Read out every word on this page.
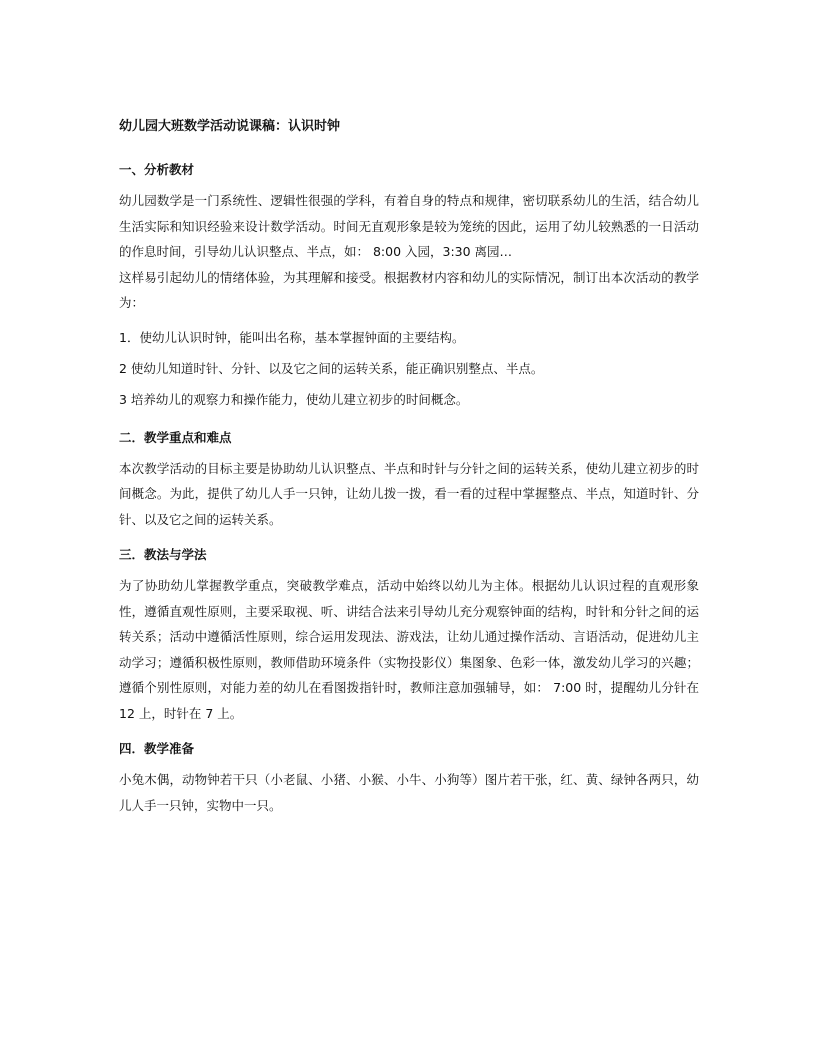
幼儿园大班数学活动说课稿：认识时钟
一、分析教材

幼儿园数学是一门系统性、逻辑性很强的学科，有着自身的特点和规律，密切联系幼儿的生活，结合幼儿生活实际和知识经验来设计数学活动。时间无直观形象是较为笼统的因此，运用了幼儿较熟悉的一日活动的作息时间，引导幼儿认识整点、半点，如： 8:00 入园，3:30 离园…

这样易引起幼儿的情绪体验，为其理解和接受。根据教材内容和幼儿的实际情况，制订出本次活动的教学为：

1．使幼儿认识时钟，能叫出名称，基本掌握钟面的主要结构。

2 使幼儿知道时针、分针、以及它之间的运转关系，能正确识别整点、半点。

3 培养幼儿的观察力和操作能力，使幼儿建立初步的时间概念。

二．教学重点和难点

本次教学活动的目标主要是协助幼儿认识整点、半点和时针与分针之间的运转关系，使幼儿建立初步的时间概念。为此，提供了幼儿人手一只钟，让幼儿拨一拨，看一看的过程中掌握整点、半点，知道时针、分针、以及它之间的运转关系。

三．教法与学法

为了协助幼儿掌握教学重点，突破教学难点，活动中始终以幼儿为主体。根据幼儿认识过程的直观形象性，遵循直观性原则，主要采取视、听、讲结合法来引导幼儿充分观察钟面的结构，时针和分针之间的运转关系；活动中遵循活性原则，综合运用发现法、游戏法，让幼儿通过操作活动、言语活动，促进幼儿主动学习；遵循积极性原则，教师借助环境条件（实物投影仪）集图象、色彩一体，激发幼儿学习的兴趣；遵循个别性原则，对能力差的幼儿在看图拨指针时，教师注意加强辅导，如： 7:00 时，提醒幼儿分针在 12 上，时针在 7 上。

四．教学准备

小兔木偶，动物钟若干只（小老鼠、小猪、小猴、小牛、小狗等）图片若干张，红、黄、绿钟各两只，幼儿人手一只钟，实物中一只。
